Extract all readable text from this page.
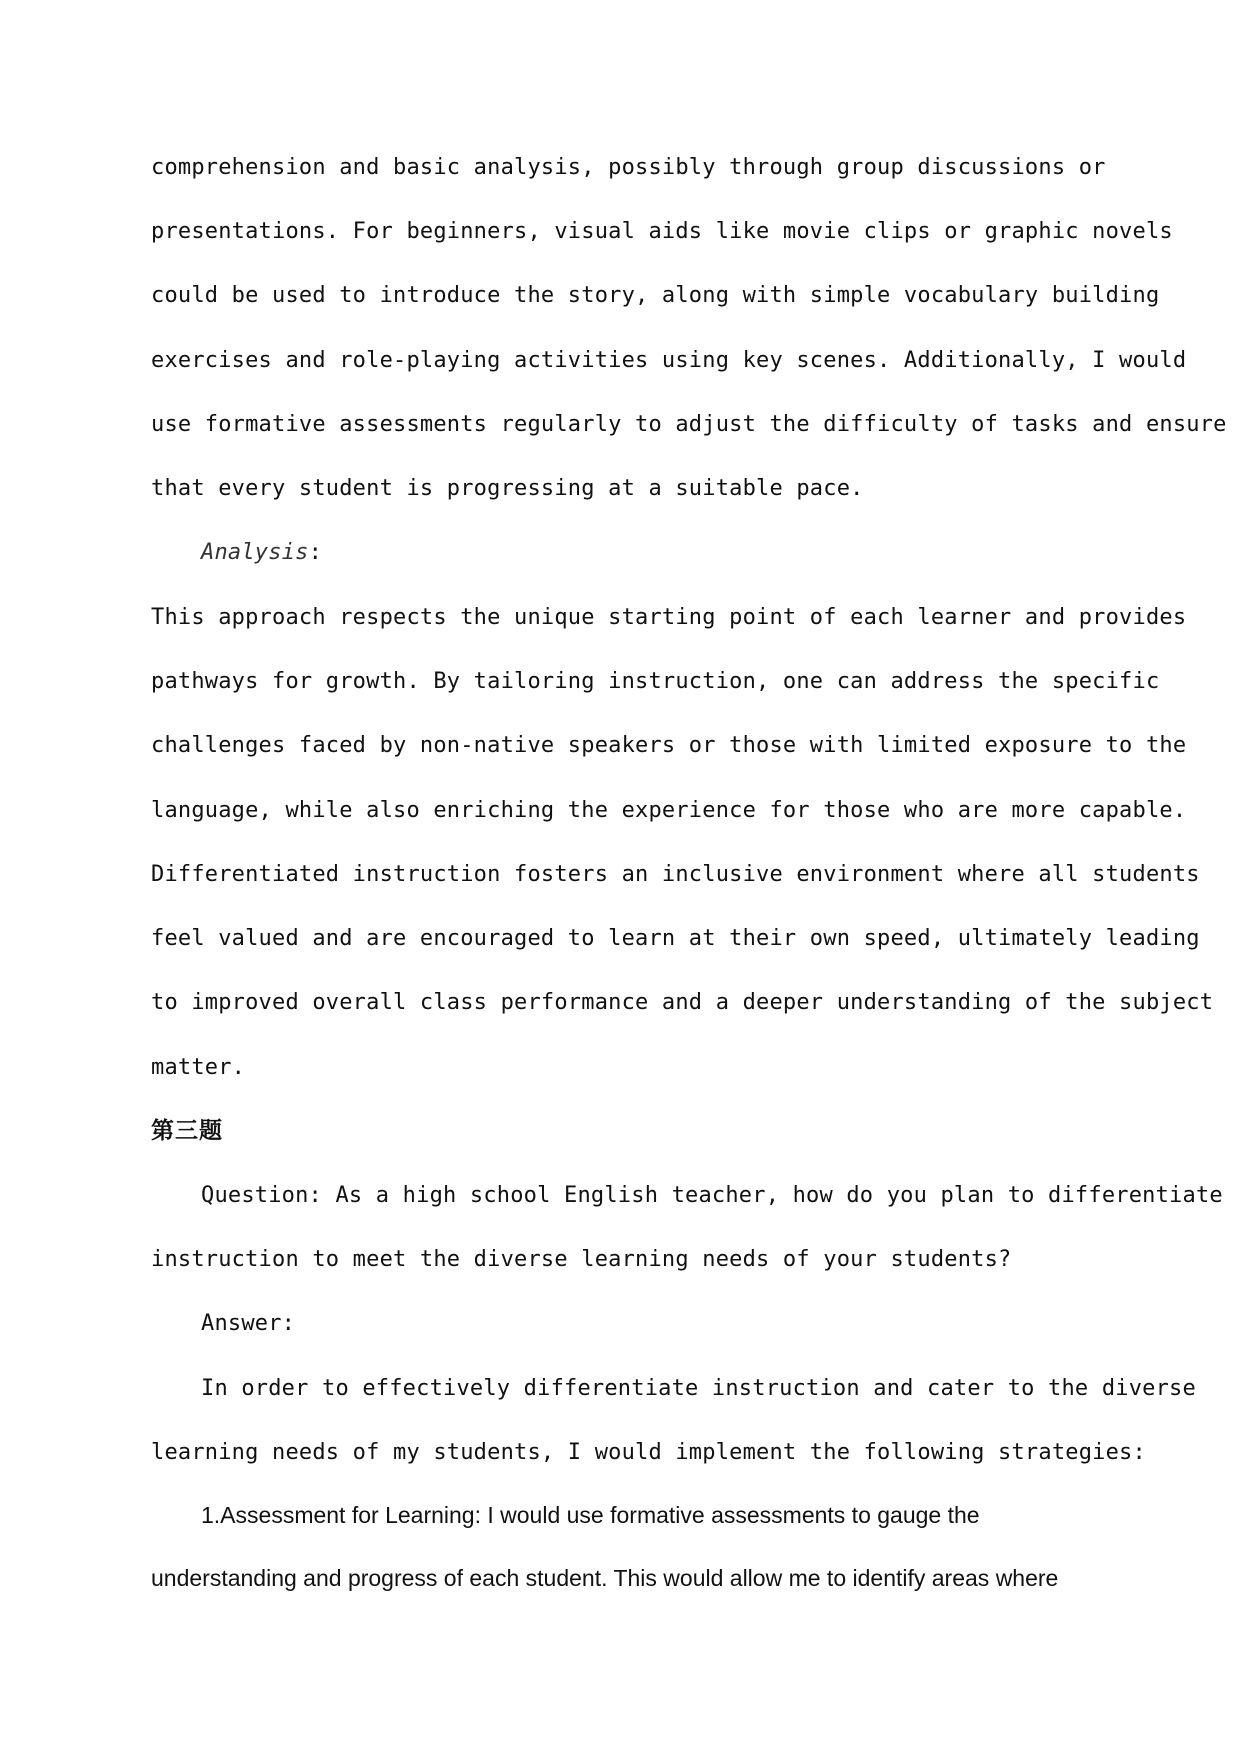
comprehension and basic analysis, possibly through group discussions or
presentations. For beginners, visual aids like movie clips or graphic novels
could be used to introduce the story, along with simple vocabulary building
exercises and role-playing activities using key scenes. Additionally, I would
use formative assessments regularly to adjust the difficulty of tasks and ensure
that every student is progressing at a suitable pace.
Analysis:
This approach respects the unique starting point of each learner and provides
pathways for growth. By tailoring instruction, one can address the specific
challenges faced by non-native speakers or those with limited exposure to the
language, while also enriching the experience for those who are more capable.
Differentiated instruction fosters an inclusive environment where all students
feel valued and are encouraged to learn at their own speed, ultimately leading
to improved overall class performance and a deeper understanding of the subject
matter.
第三题
Question: As a high school English teacher, how do you plan to differentiate
instruction to meet the diverse learning needs of your students?
Answer:
In order to effectively differentiate instruction and cater to the diverse
learning needs of my students, I would implement the following strategies:
1.Assessment for Learning: I would use formative assessments to gauge the
understanding and progress of each student. This would allow me to identify areas where
